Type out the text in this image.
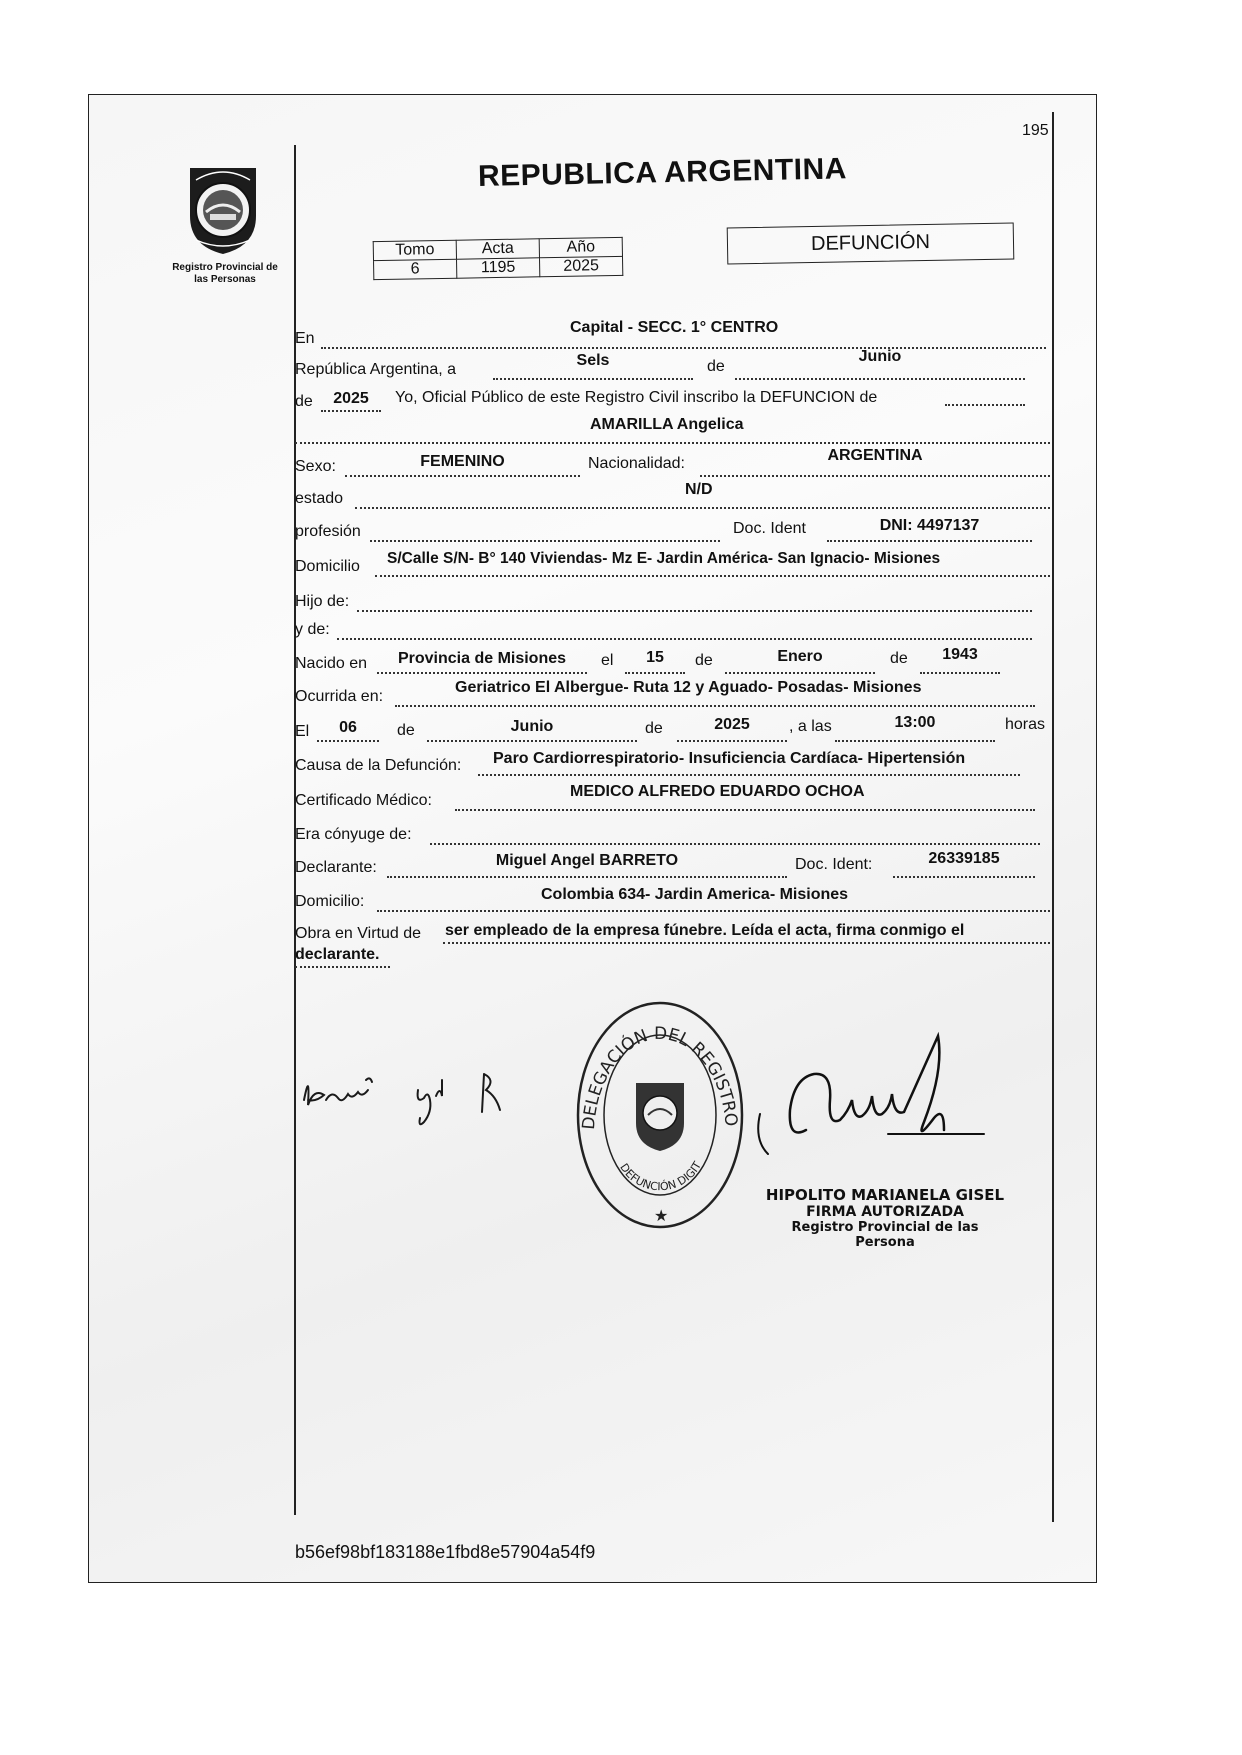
195
Registro Provincial de
las Personas
REPUBLICA ARGENTINA
Tomo	Acta	Año
6	1195	2025
DEFUNCIÓN
En
Capital - SECC. 1° CENTRO
República Argentina, a
Sels	de
Junio
de	2025	Yo, Oficial Público de este Registro Civil inscribo la DEFUNCION de
AMARILLA Angelica
Sexo:	FEMENINO	Nacionalidad:	ARGENTINA
estado
N/D
profesión	Doc. Ident	DNI: 4497137
Domicilio S/Calle S/N- B° 140 Viviendas- Mz E- Jardin América- San Ignacio- Misiones
Hijo de:
y de:
Nacido en	Provincia de Misiones	el	15	de	Enero	de	1943
Ocurrida en:
Geriatrico El Albergue- Ruta 12 y Aguado- Posadas- Misiones
El	06	de	Junio	de	2025	, a las	13:00	horas
Causa de la Defunción: Paro Cardiorrespiratorio- Insuficiencia Cardíaca- Hipertensión
Certificado Médico:
MEDICO ALFREDO EDUARDO OCHOA
Era cónyuge de:
Declarante:	Miguel Angel BARRETO	Doc. Ident:	26339185
Domicilio:	Colombia 634- Jardin America- Misiones
Obra en Virtud de ser empleado de la empresa fúnebre. Leída el acta, firma conmigo el
declarante.
DELEGACIÓN DEL REGISTRO
DEFUNCIÓN DIGIT
★
HIPOLITO MARIANELA GISEL
FIRMA AUTORIZADA
Registro Provincial de las Persona
b56ef98bf183188e1fbd8e57904a54f9
